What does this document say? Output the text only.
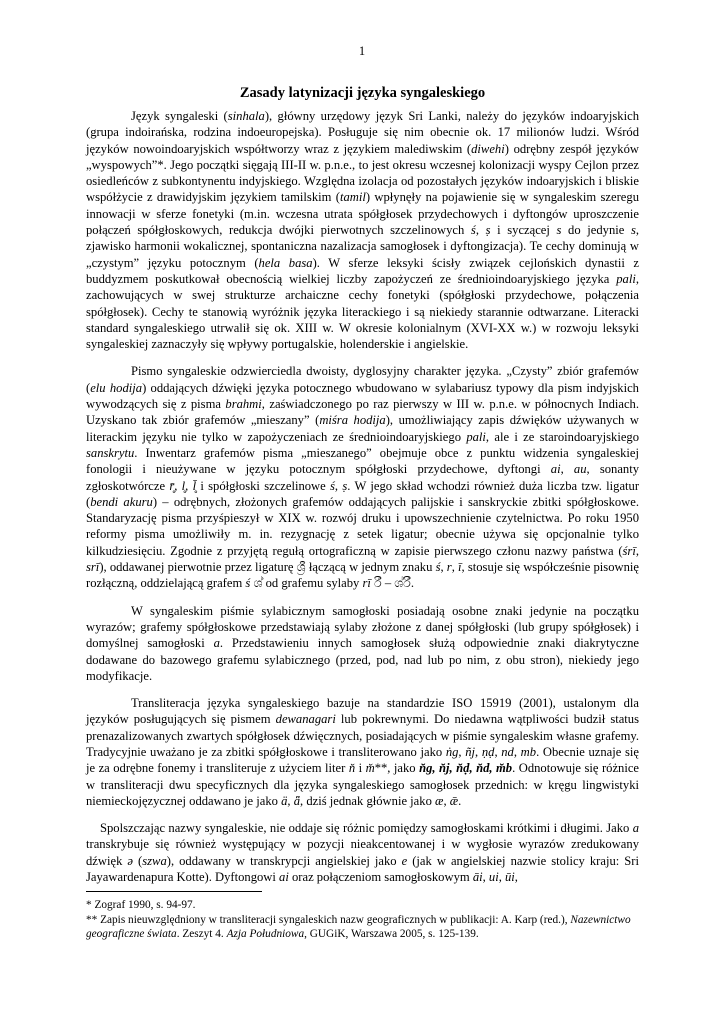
1
Zasady latynizacji języka syngaleskiego

Język syngaleski (sinhala), główny urzędowy język Sri Lanki, należy do języków indoaryjskich (grupa indoirańska, rodzina indoeuropejska). Posługuje się nim obecnie ok. 17 milionów ludzi. Wśród języków nowoindoaryjskich współtworzy wraz z językiem malediwskim (diwehi) odrębny zespół języków „wyspowych”*. Jego początki sięgają III-II w. p.n.e., to jest okresu wczesnej kolonizacji wyspy Cejlon przez osiedleńców z subkontynentu indyjskiego. Względna izolacja od pozostałych języków indoaryjskich i bliskie współżycie z drawidyjskim językiem tamilskim (tamil) wpłynęły na pojawienie się w syngaleskim szeregu innowacji w sferze fonetyki (m.in. wczesna utrata spółgłosek przydechowych i dyftongów uproszczenie połączeń spółgłoskowych, redukcja dwójki pierwotnych szczelinowych ś, ṣ i syczącej s do jedynie s, zjawisko harmonii wokalicznej, spontaniczna nazalizacja samogłosek i dyftongizacja). Te cechy dominują w „czystym” języku potocznym (hela basa). W sferze leksyki ścisły związek cejlońskich dynastii z buddyzmem poskutkował obecnością wielkiej liczby zapożyczeń ze średnioindoaryjskiego języka pali, zachowujących w swej strukturze archaiczne cechy fonetyki (spółgłoski przydechowe, połączenia spółgłosek). Cechy te stanowią wyróżnik języka literackiego i są niekiedy starannie odtwarzane. Literacki standard syngaleskiego utrwalił się ok. XIII w. W okresie kolonialnym (XVI-XX w.) w rozwoju leksyki syngaleskiej zaznaczyły się wpływy portugalskie, holenderskie i angielskie.

Pismo syngaleskie odzwierciedla dwoisty, dyglosyjny charakter języka. „Czysty” zbiór grafemów (elu hodija) oddających dźwięki języka potocznego wbudowano w sylabariusz typowy dla pism indyjskich wywodzących się z pisma brahmi, zaświadczonego po raz pierwszy w III w. p.n.e. w północnych Indiach. Uzyskano tak zbiór grafemów „mieszany” (miśra hodija), umożliwiający zapis dźwięków używanych w literackim języku nie tylko w zapożyczeniach ze średnioindoaryjskiego pali, ale i ze staroindoaryjskiego sanskrytu. Inwentarz grafemów pisma „mieszanego” obejmuje obce z punktu widzenia syngaleskiej fonologii i nieużywane w języku potocznym spółgłoski przydechowe, dyftongi ai, au, sonanty zgłoskotwórcze r̥̄, l̥, l̥̄ i spółgłoski szczelinowe ś, ṣ. W jego skład wchodzi również duża liczba tzw. ligatur (bendi akuru) – odrębnych, złożonych grafemów oddających palijskie i sanskryckie zbitki spółgłoskowe. Standaryzację pisma przyśpieszył w XIX w. rozwój druku i upowszechnienie czytelnictwa. Po roku 1950 reformy pisma umożliwiły m. in. rezygnację z setek ligatur; obecnie używa się opcjonalnie tylko kilkudziesięciu. Zgodnie z przyjętą regułą ortograficzną w zapisie pierwszego członu nazwy państwa (śrī, srī), oddawanej pierwotnie przez ligaturę ශ්‍රී łączącą w jednym znaku ś, r, ī, stosuje się współcześnie pisownię rozłączną, oddzielającą grafem ś ශ් od grafemu sylaby rī රී – ශ්රී.

W syngaleskim piśmie sylabicznym samogłoski posiadają osobne znaki jedynie na początku wyrazów; grafemy spółgłoskowe przedstawiają sylaby złożone z danej spółgłoski (lub grupy spółgłosek) i domyślnej samogłoski a. Przedstawieniu innych samogłosek służą odpowiednie znaki diakrytyczne dodawane do bazowego grafemu sylabicznego (przed, pod, nad lub po nim, z obu stron), niekiedy jego modyfikacje.

Transliteracja języka syngaleskiego bazuje na standardzie ISO 15919 (2001), ustalonym dla języków posługujących się pismem dewanagari lub pokrewnymi. Do niedawna wątpliwości budził status prenazalizowanych zwartych spółgłosek dźwięcznych, posiadających w piśmie syngaleskim własne grafemy. Tradycyjnie uważano je za zbitki spółgłoskowe i transliterowano jako ṅg, ñj, ṇḍ, nd, mb. Obecnie uznaje się je za odrębne fonemy i transliteruje z użyciem liter n̆ i m̆**, jako n̆g, n̆j, n̆ḍ, n̆d, m̆b. Odnotowuje się różnice w transliteracji dwu specyficznych dla języka syngaleskiego samogłosek przednich: w kręgu lingwistyki niemieckojęzycznej oddawano je jako ä, ǟ, dziś jednak głównie jako æ, ǣ.

Spolszczając nazwy syngaleskie, nie oddaje się różnic pomiędzy samogłoskami krótkimi i długimi. Jako a transkrybuje się również występujący w pozycji nieakcentowanej i w wygłosie wyrazów zredukowany dźwięk ə (szwa), oddawany w transkrypcji angielskiej jako e (jak w angielskiej nazwie stolicy kraju: Sri Jayawardenapura Kotte). Dyftongowi ai oraz połączeniom samogłoskowym āi, ui, ūi,

* Zograf 1990, s. 94-97.
** Zapis nieuwzględniony w transliteracji syngaleskich nazw geograficznych w publikacji: A. Karp (red.), Nazewnictwo geograficzne świata. Zeszyt 4. Azja Południowa, GUGiK, Warszawa 2005, s. 125-139.
